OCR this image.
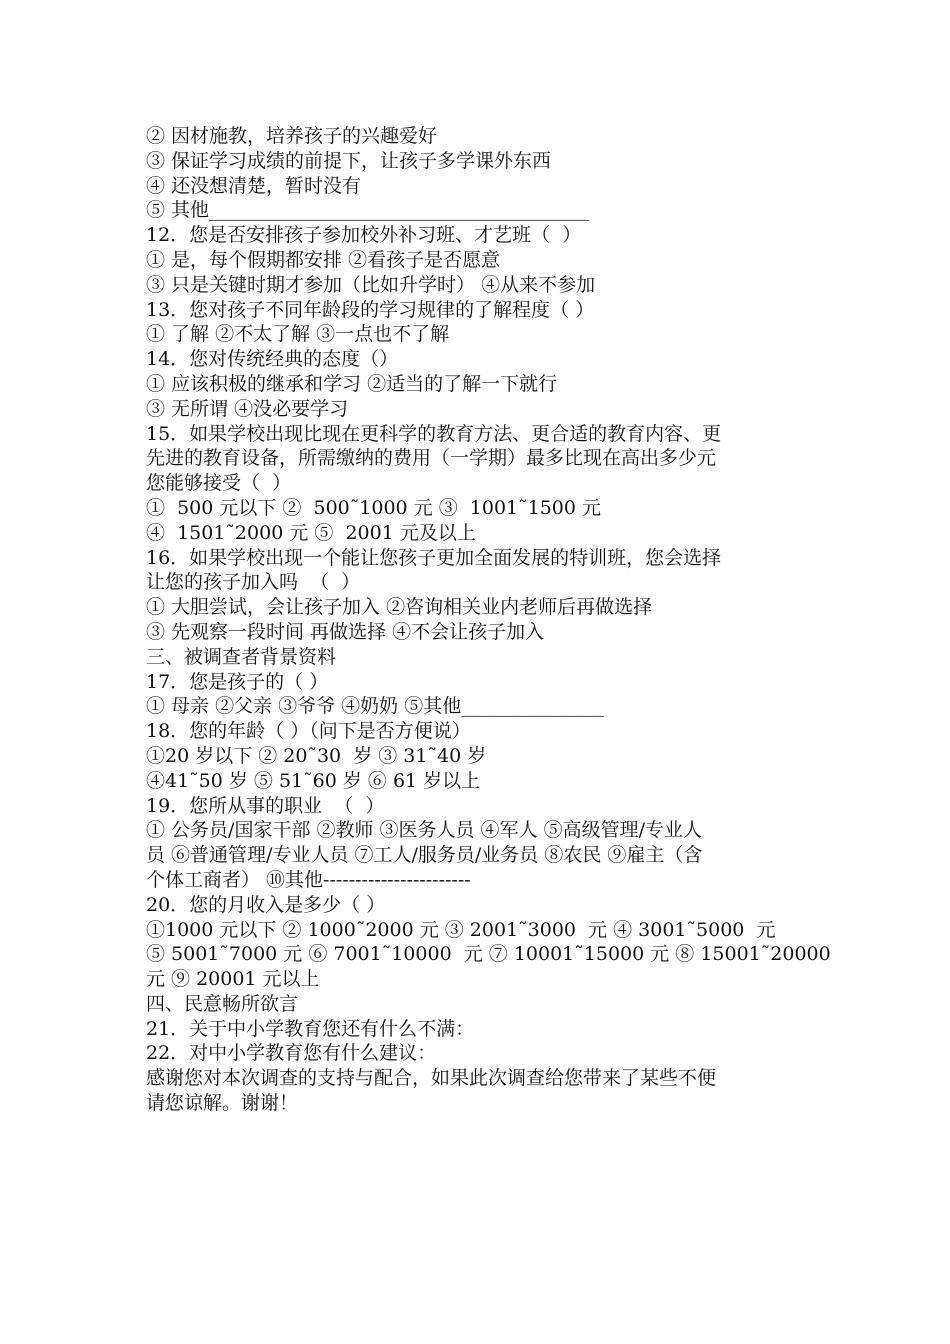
② 因材施教，培养孩子的兴趣爱好
③ 保证学习成绩的前提下，让孩子多学课外东西
④ 还没想清楚，暂时没有
⑤ 其他________________________________________
12．您是否安排孩子参加校外补习班、才艺班（  ）
① 是，每个假期都安排 ②看孩子是否愿意
③ 只是关键时期才参加（比如升学时） ④从来不参加
13．您对孩子不同年龄段的学习规律的了解程度（ ）
① 了解 ②不太了解 ③一点也不了解
14．您对传统经典的态度（）
① 应该积极的继承和学习 ②适当的了解一下就行
③ 无所谓 ④没必要学习
15．如果学校出现比现在更科学的教育方法、更合适的教育内容、更
先进的教育设备，所需缴纳的费用（一学期）最多比现在高出多少元
您能够接受（  ）
①  500 元以下 ②  500˜1000 元 ③  1001˜1500 元
④  1501˜2000 元 ⑤  2001 元及以上
16．如果学校出现一个能让您孩子更加全面发展的特训班，您会选择
让您的孩子加入吗  （  ）
① 大胆尝试，会让孩子加入 ②咨询相关业内老师后再做选择
③ 先观察一段时间 再做选择 ④不会让孩子加入
三、被调查者背景资料
17．您是孩子的（ ）
① 母亲 ②父亲 ③爷爷 ④奶奶 ⑤其他_______________
18．您的年龄（ ）（问下是否方便说）
①20 岁以下 ② 20˜30  岁 ③ 31˜40 岁
④41˜50 岁 ⑤ 51˜60 岁 ⑥ 61 岁以上
19．您所从事的职业  （  ）
① 公务员/国家干部 ②教师 ③医务人员 ④军人 ⑤高级管理/专业人
员 ⑥普通管理/专业人员 ⑦工人/服务员/业务员 ⑧农民 ⑨雇主（含
个体工商者） ⑩其他-----------------------
20．您的月收入是多少（ ）
①1000 元以下 ② 1000˜2000 元 ③ 2001˜3000  元 ④ 3001˜5000  元
⑤ 5001˜7000 元 ⑥ 7001˜10000  元 ⑦ 10001˜15000 元 ⑧ 15001˜20000
元 ⑨ 20001 元以上
四、民意畅所欲言
21．关于中小学教育您还有什么不满：
22．对中小学教育您有什么建议：
感谢您对本次调查的支持与配合，如果此次调查给您带来了某些不便
请您谅解。谢谢！
